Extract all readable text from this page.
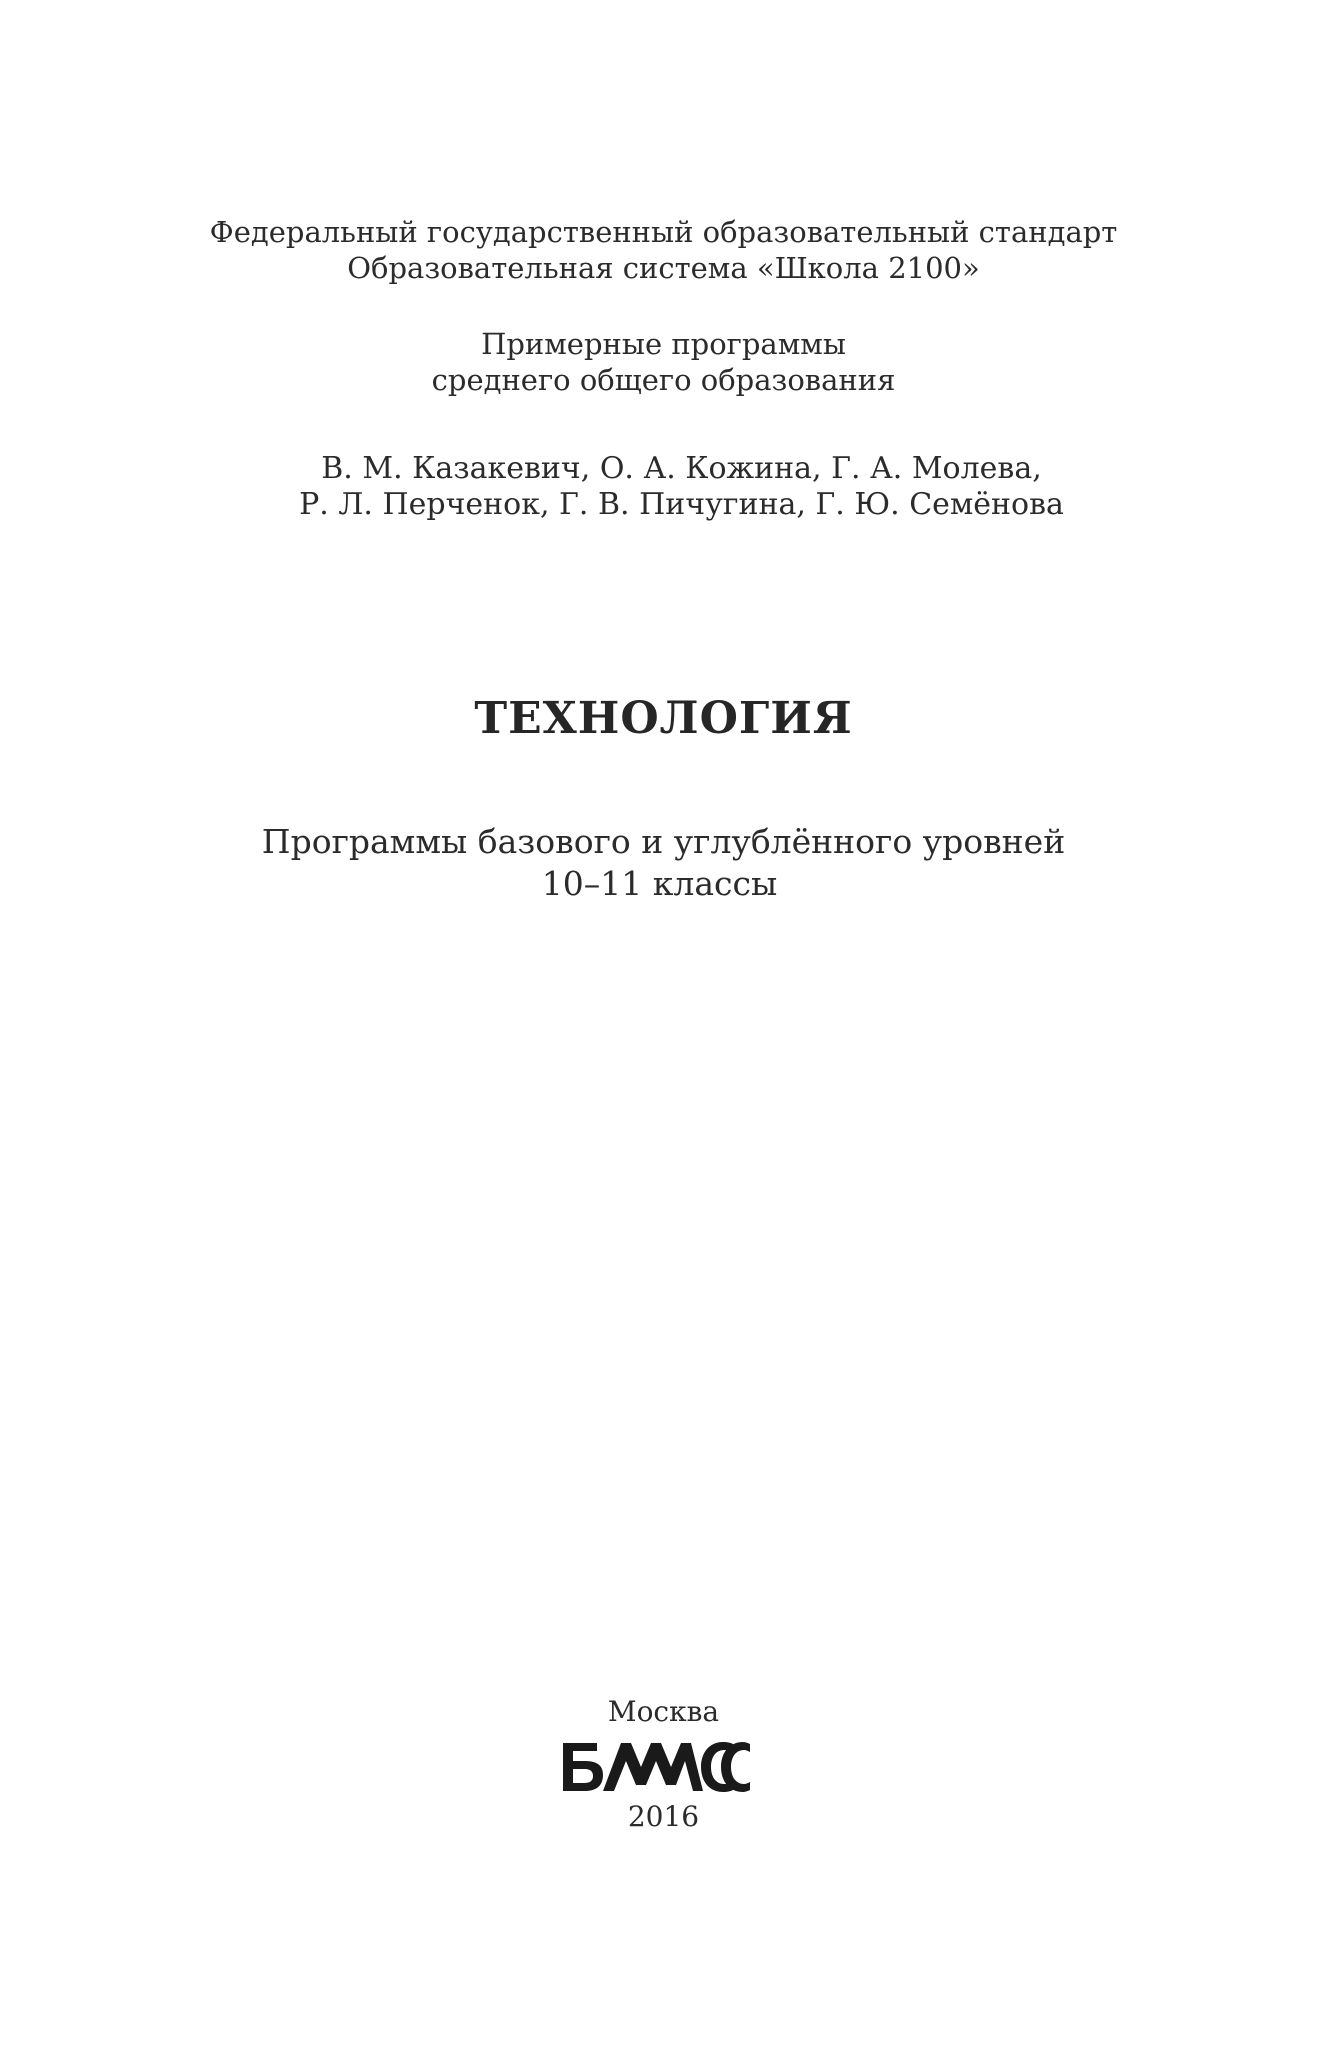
Федеральный государственный образовательный стандарт
Образовательная система «Школа 2100»
Примерные программы
среднего общего образования
В. М. Казакевич, О. А. Кожина, Г. А. Молева,
Р. Л. Перченок, Г. В. Пичугина, Г. Ю. Семёнова
ТЕХНОЛОГИЯ
Программы базового и углублённого уровней
10–11 классы
Москва
2016
